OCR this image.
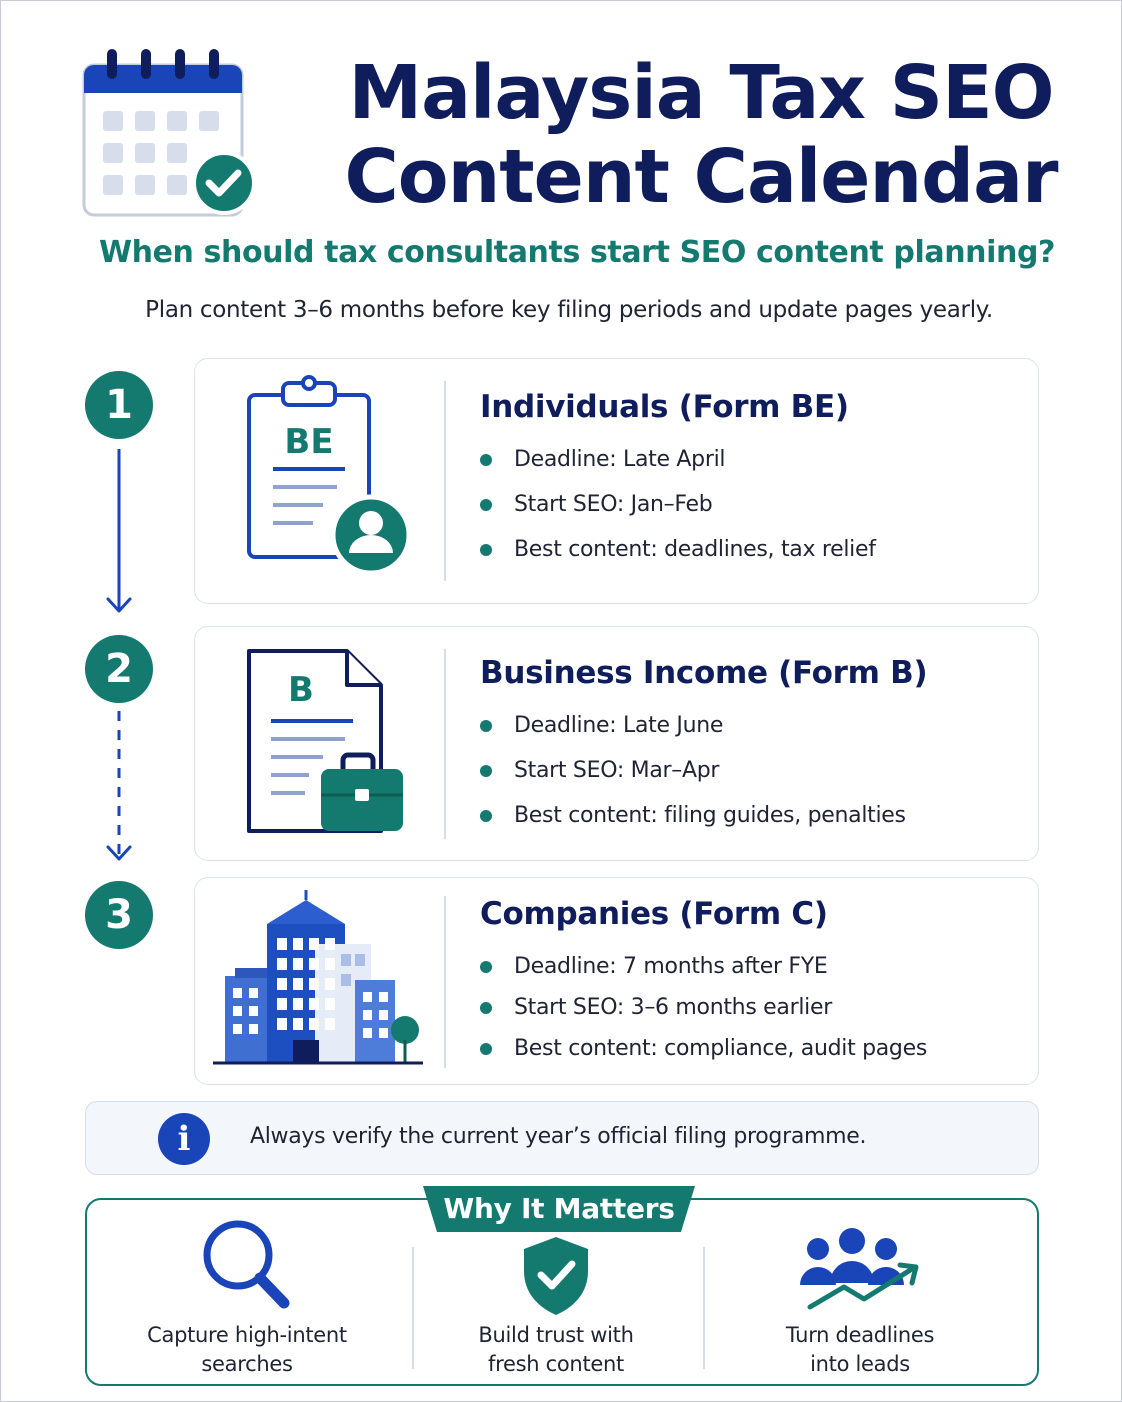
Malaysia Tax SEO
Content Calendar
When should tax consultants start SEO content planning?
Plan content 3–6 months before key filing periods and update pages yearly.
1
2
3
BE
Individuals (Form BE)
Deadline: Late April
Start SEO: Jan–Feb
Best content: deadlines, tax relief
B	Business Income (Form B)
Deadline: Late June
Start SEO: Mar–Apr
Best content: filing guides, penalties
Companies (Form C)
Deadline: 7 months after FYE
Start SEO: 3–6 months earlier
Best content: compliance, audit pages
i	Always verify the current year’s official filing programme.
Why It Matters
Capture high-intent
searches
Build trust with
fresh content
Turn deadlines
into leads
